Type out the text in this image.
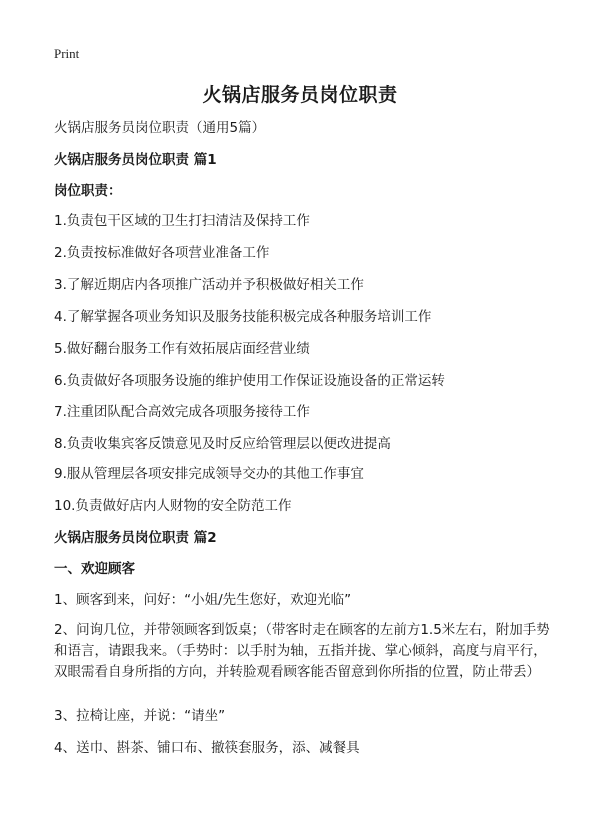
Print
火锅店服务员岗位职责
火锅店服务员岗位职责（通用5篇）
火锅店服务员岗位职责 篇1
岗位职责：
1.负责包干区域的卫生打扫清洁及保持工作
2.负责按标准做好各项营业准备工作
3.了解近期店内各项推广活动并予积极做好相关工作
4.了解掌握各项业务知识及服务技能积极完成各种服务培训工作
5.做好翻台服务工作有效拓展店面经营业绩
6.负责做好各项服务设施的维护使用工作保证设施设备的正常运转
7.注重团队配合高效完成各项服务接待工作
8.负责收集宾客反馈意见及时反应给管理层以便改进提高
9.服从管理层各项安排完成领导交办的其他工作事宜
10.负责做好店内人财物的安全防范工作
火锅店服务员岗位职责 篇2
一、欢迎顾客
1、顾客到来，问好：“小姐/先生您好，欢迎光临”
2、问询几位，并带领顾客到饭桌；（带客时走在顾客的左前方1.5米左右，附加手势和语言，请跟我来。（手势时：以手肘为轴，五指并拢、掌心倾斜，高度与肩平行，双眼需看自身所指的方向，并转脸观看顾客能否留意到你所指的位置，防止带丢）
3、拉椅让座，并说：“请坐”
4、送巾、斟茶、铺口布、撤筷套服务，添、减餐具
